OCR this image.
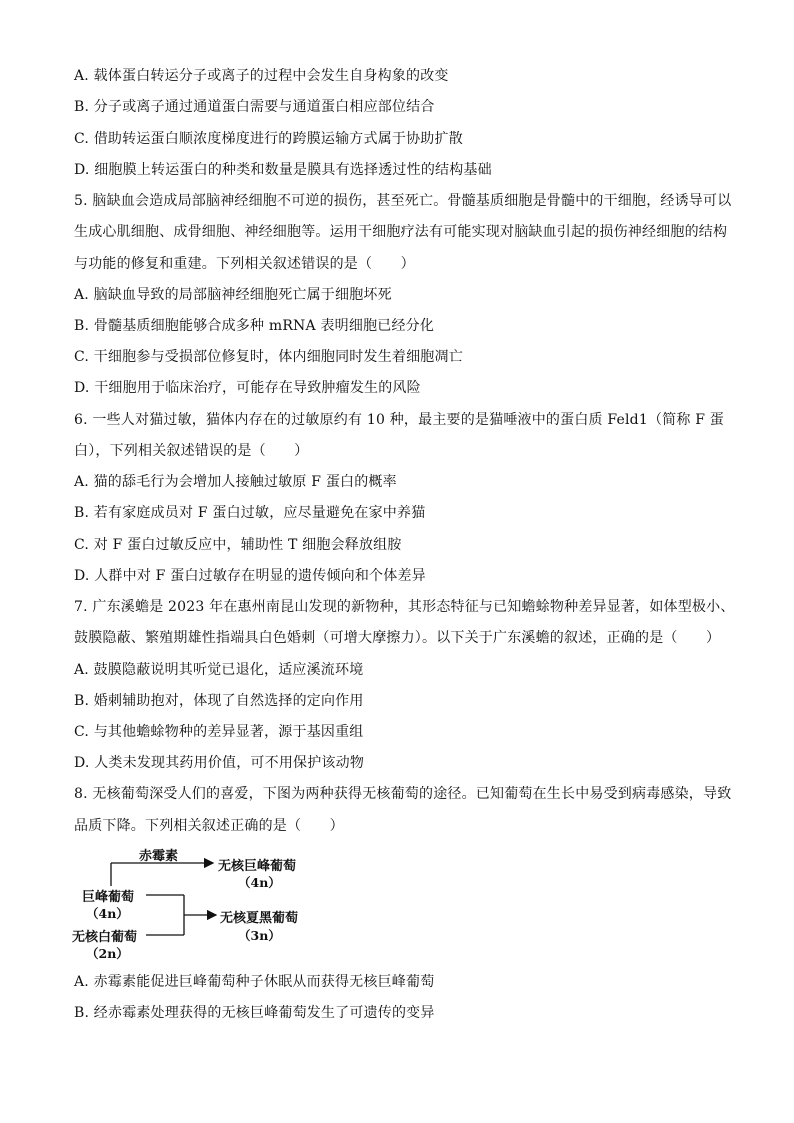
A. 载体蛋白转运分子或离子的过程中会发生自身构象的改变
B. 分子或离子通过通道蛋白需要与通道蛋白相应部位结合
C. 借助转运蛋白顺浓度梯度进行的跨膜运输方式属于协助扩散
D. 细胞膜上转运蛋白的种类和数量是膜具有选择透过性的结构基础
5. 脑缺血会造成局部脑神经细胞不可逆的损伤，甚至死亡。骨髓基质细胞是骨髓中的干细胞，经诱导可以
生成心肌细胞、成骨细胞、神经细胞等。运用干细胞疗法有可能实现对脑缺血引起的损伤神经细胞的结构
与功能的修复和重建。下列相关叙述错误的是（　　）
A. 脑缺血导致的局部脑神经细胞死亡属于细胞坏死
B. 骨髓基质细胞能够合成多种 mRNA 表明细胞已经分化
C. 干细胞参与受损部位修复时，体内细胞同时发生着细胞凋亡
D. 干细胞用于临床治疗，可能存在导致肿瘤发生的风险
6. 一些人对猫过敏，猫体内存在的过敏原约有 10 种，最主要的是猫唾液中的蛋白质 Feld1（简称 F 蛋
白），下列相关叙述错误的是（　　）
A. 猫的舔毛行为会增加人接触过敏原 F 蛋白的概率
B. 若有家庭成员对 F 蛋白过敏，应尽量避免在家中养猫
C. 对 F 蛋白过敏反应中，辅助性 T 细胞会释放组胺
D. 人群中对 F 蛋白过敏存在明显的遗传倾向和个体差异
7. 广东溪蟾是 2023 年在惠州南昆山发现的新物种，其形态特征与已知蟾蜍物种差异显著，如体型极小、
鼓膜隐蔽、繁殖期雄性指端具白色婚刺（可增大摩擦力）。以下关于广东溪蟾的叙述，正确的是（　　）
A. 鼓膜隐蔽说明其听觉已退化，适应溪流环境
B. 婚刺辅助抱对，体现了自然选择的定向作用
C. 与其他蟾蜍物种的差异显著，源于基因重组
D. 人类未发现其药用价值，可不用保护该动物
8. 无核葡萄深受人们的喜爱，下图为两种获得无核葡萄的途径。已知葡萄在生长中易受到病毒感染，导致
品质下降。下列相关叙述正确的是（　　）
赤霉素
无核巨峰葡萄
（4n）
巨峰葡萄
（4n）
无核白葡萄
（2n）
无核夏黑葡萄
（3n）
A. 赤霉素能促进巨峰葡萄种子休眠从而获得无核巨峰葡萄
B. 经赤霉素处理获得的无核巨峰葡萄发生了可遗传的变异
